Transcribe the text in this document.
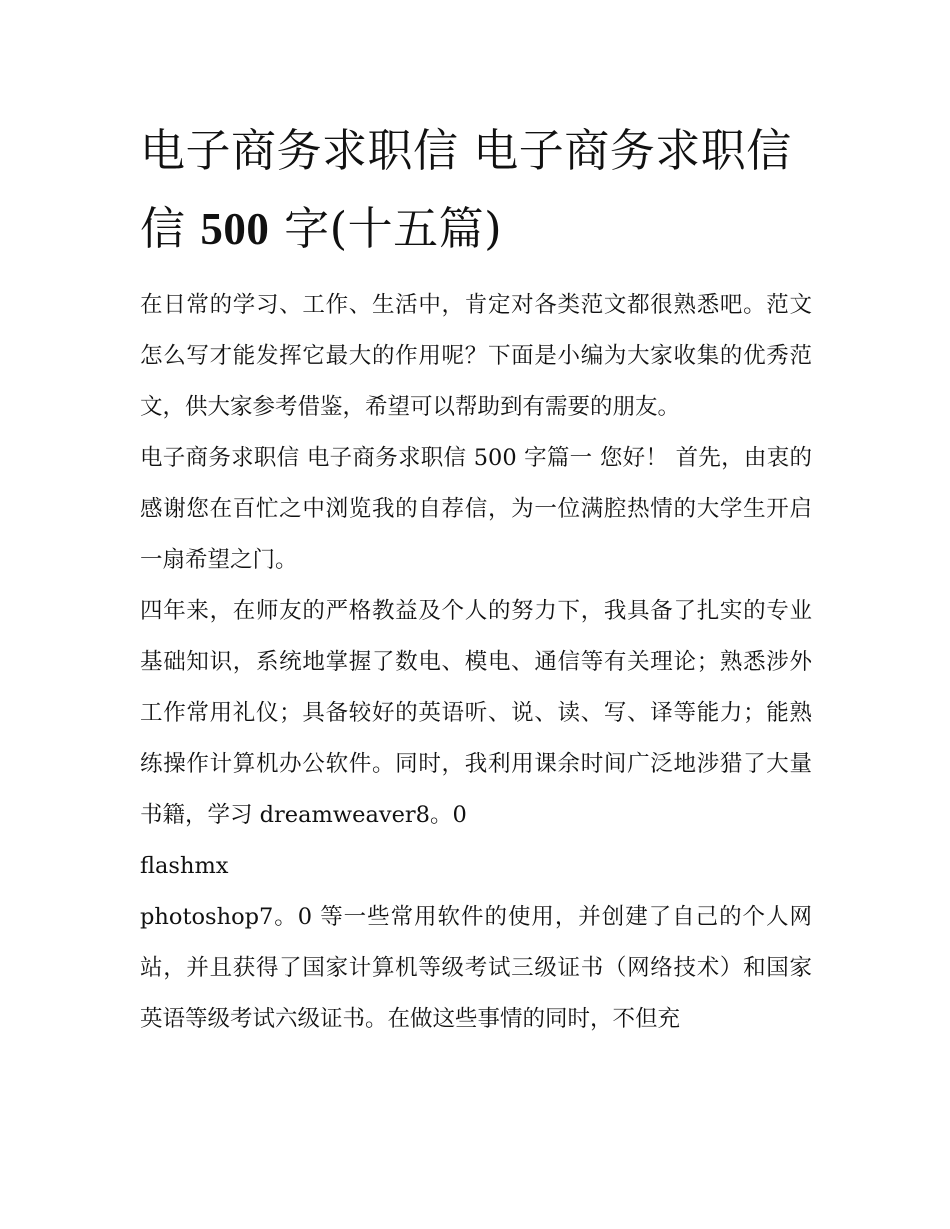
电子商务求职信 电子商务求职信
信 500 字(十五篇)

在日常的学习、工作、生活中，肯定对各类范文都很熟悉吧。范文怎么写才能发挥它最大的作用呢？下面是小编为大家收集的优秀范文，供大家参考借鉴，希望可以帮助到有需要的朋友。

电子商务求职信 电子商务求职信 500 字篇一 您好！ 首先，由衷的感谢您在百忙之中浏览我的自荐信，为一位满腔热情的大学生开启一扇希望之门。

四年来，在师友的严格教益及个人的努力下，我具备了扎实的专业基础知识，系统地掌握了数电、模电、通信等有关理论；熟悉涉外工作常用礼仪；具备较好的英语听、说、读、写、译等能力；能熟练操作计算机办公软件。同时，我利用课余时间广泛地涉猎了大量书籍，学习 dreamweaver8。0

flashmx

photoshop7。0 等一些常用软件的使用，并创建了自己的个人网站，并且获得了国家计算机等级考试三级证书（网络技术）和国家英语等级考试六级证书。在做这些事情的同时，不但充
